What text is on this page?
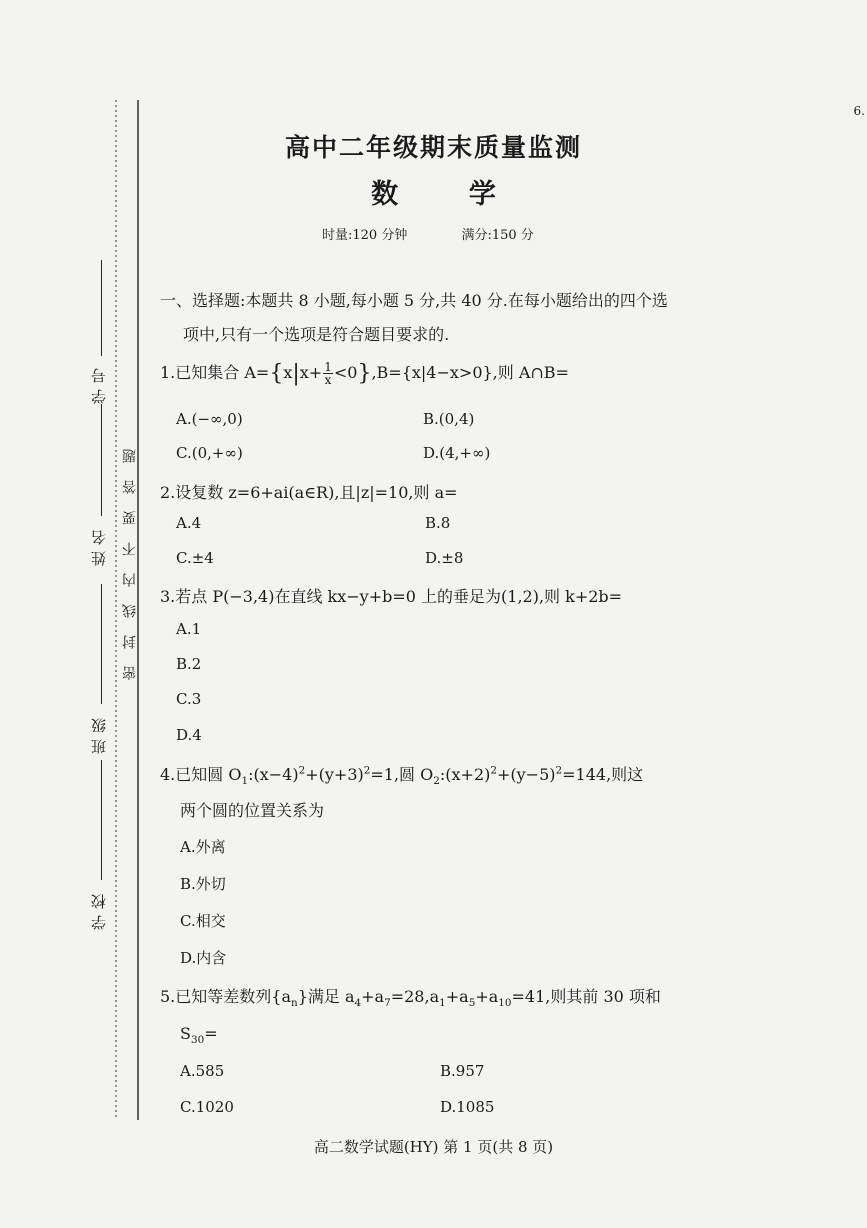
6.
密封线内不要答题
学号
姓名
班级
学校
高中二年级期末质量监测
数	学
时量:120 分钟	满分:150 分
一、选择题:本题共 8 小题,每小题 5 分,共 40 分.在每小题给出的四个选
项中,只有一个选项是符合题目要求的.
1.已知集合 $A=\{x|x+ \frac{1}{x} <0\},B=\{x|4-x>0\}$,则 A∩B=
A.(−∞,0)	B.(0,4)
C.(0,+∞)	D.(4,+∞)
2.设复数 z=6+ai(a∈R),且|z|=10,则 a=
A.4	B.8
C.±4	D.±8
3.若点 P(−3,4)在直线 kx−y+b=0 上的垂足为(1,2),则 k+2b=
A.1
B.2
C.3
D.4
4.已知圆 $O_1:(x-4)^2+(y+3)^2=1$,圆 $O_2:(x+2)^2+(y-5)^2=144$,则这
两个圆的位置关系为
A.外离
B.外切
C.相交
D.内含
5.已知等差数列$\{a_n\}$满足 $a_4+a_7=28,a_1+a_5+a_{10}=41$,则其前 30 项和
$S_{30}=$
A.585	B.957
C.1020	D.1085
高二数学试题(HY) 第 1 页(共 8 页)
